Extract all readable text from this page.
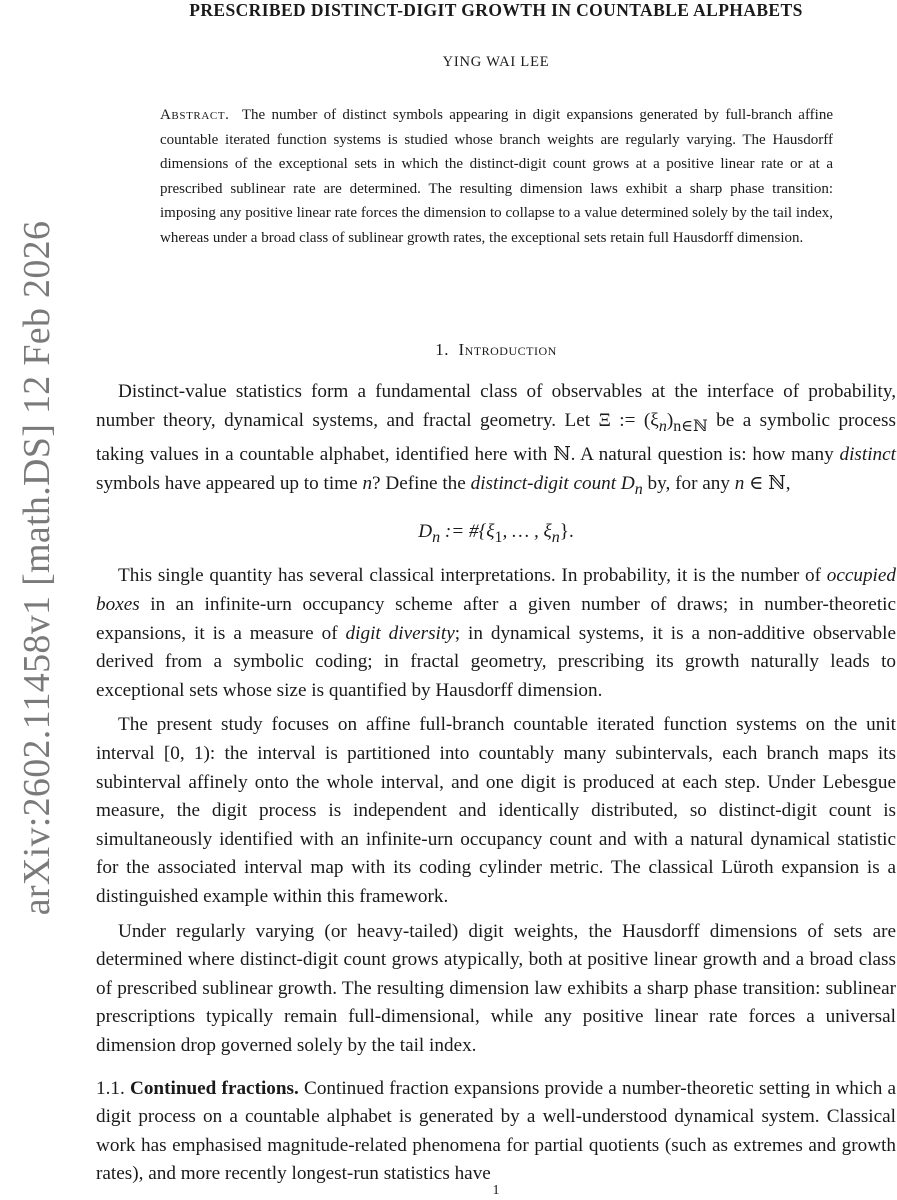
arXiv:2602.11458v1 [math.DS] 12 Feb 2026
PRESCRIBED DISTINCT-DIGIT GROWTH IN COUNTABLE ALPHABETS
YING WAI LEE
Abstract. The number of distinct symbols appearing in digit expansions generated by full-branch affine countable iterated function systems is studied whose branch weights are regularly varying. The Hausdorff dimensions of the exceptional sets in which the distinct-digit count grows at a positive linear rate or at a prescribed sublinear rate are determined. The resulting dimension laws exhibit a sharp phase transition: imposing any positive linear rate forces the dimension to collapse to a value determined solely by the tail index, whereas under a broad class of sublinear growth rates, the exceptional sets retain full Hausdorff dimension.
1. Introduction

Distinct-value statistics form a fundamental class of observables at the interface of probability, number theory, dynamical systems, and fractal geometry. Let Ξ := $(\xi_n)_{n\in ℕ}$ be a symbolic process taking values in a countable alphabet, identified here with ℕ. A natural question is: how many distinct symbols have appeared up to time n? Define the distinct-digit count $D_n$ by, for any n ∈ ℕ,

$D_n$ := $\#\{\xi_1$, … , $\xi_n$}.

This single quantity has several classical interpretations. In probability, it is the number of occupied boxes in an infinite-urn occupancy scheme after a given number of draws; in number-theoretic expansions, it is a measure of digit diversity; in dynamical systems, it is a non-additive observable derived from a symbolic coding; in fractal geometry, prescribing its growth naturally leads to exceptional sets whose size is quantified by Hausdorff dimension.

The present study focuses on affine full-branch countable iterated function systems on the unit interval [0, 1): the interval is partitioned into countably many subintervals, each branch maps its subinterval affinely onto the whole interval, and one digit is produced at each step. Under Lebesgue measure, the digit process is independent and identically distributed, so distinct-digit count is simultaneously identified with an infinite-urn occupancy count and with a natural dynamical statistic for the associated interval map with its coding cylinder metric. The classical Lüroth expansion is a distinguished example within this framework.

Under regularly varying (or heavy-tailed) digit weights, the Hausdorff dimensions of sets are determined where distinct-digit count grows atypically, both at positive linear growth and a broad class of prescribed sublinear growth. The resulting dimension law exhibits a sharp phase transition: sublinear prescriptions typically remain full-dimensional, while any positive linear rate forces a universal dimension drop governed solely by the tail index.

1.1. Continued fractions. Continued fraction expansions provide a number-theoretic setting in which a digit process on a countable alphabet is generated by a well-understood dynamical system. Classical work has emphasised magnitude-related phenomena for partial quotients (such as extremes and growth rates), and more recently longest-run statistics have

1
